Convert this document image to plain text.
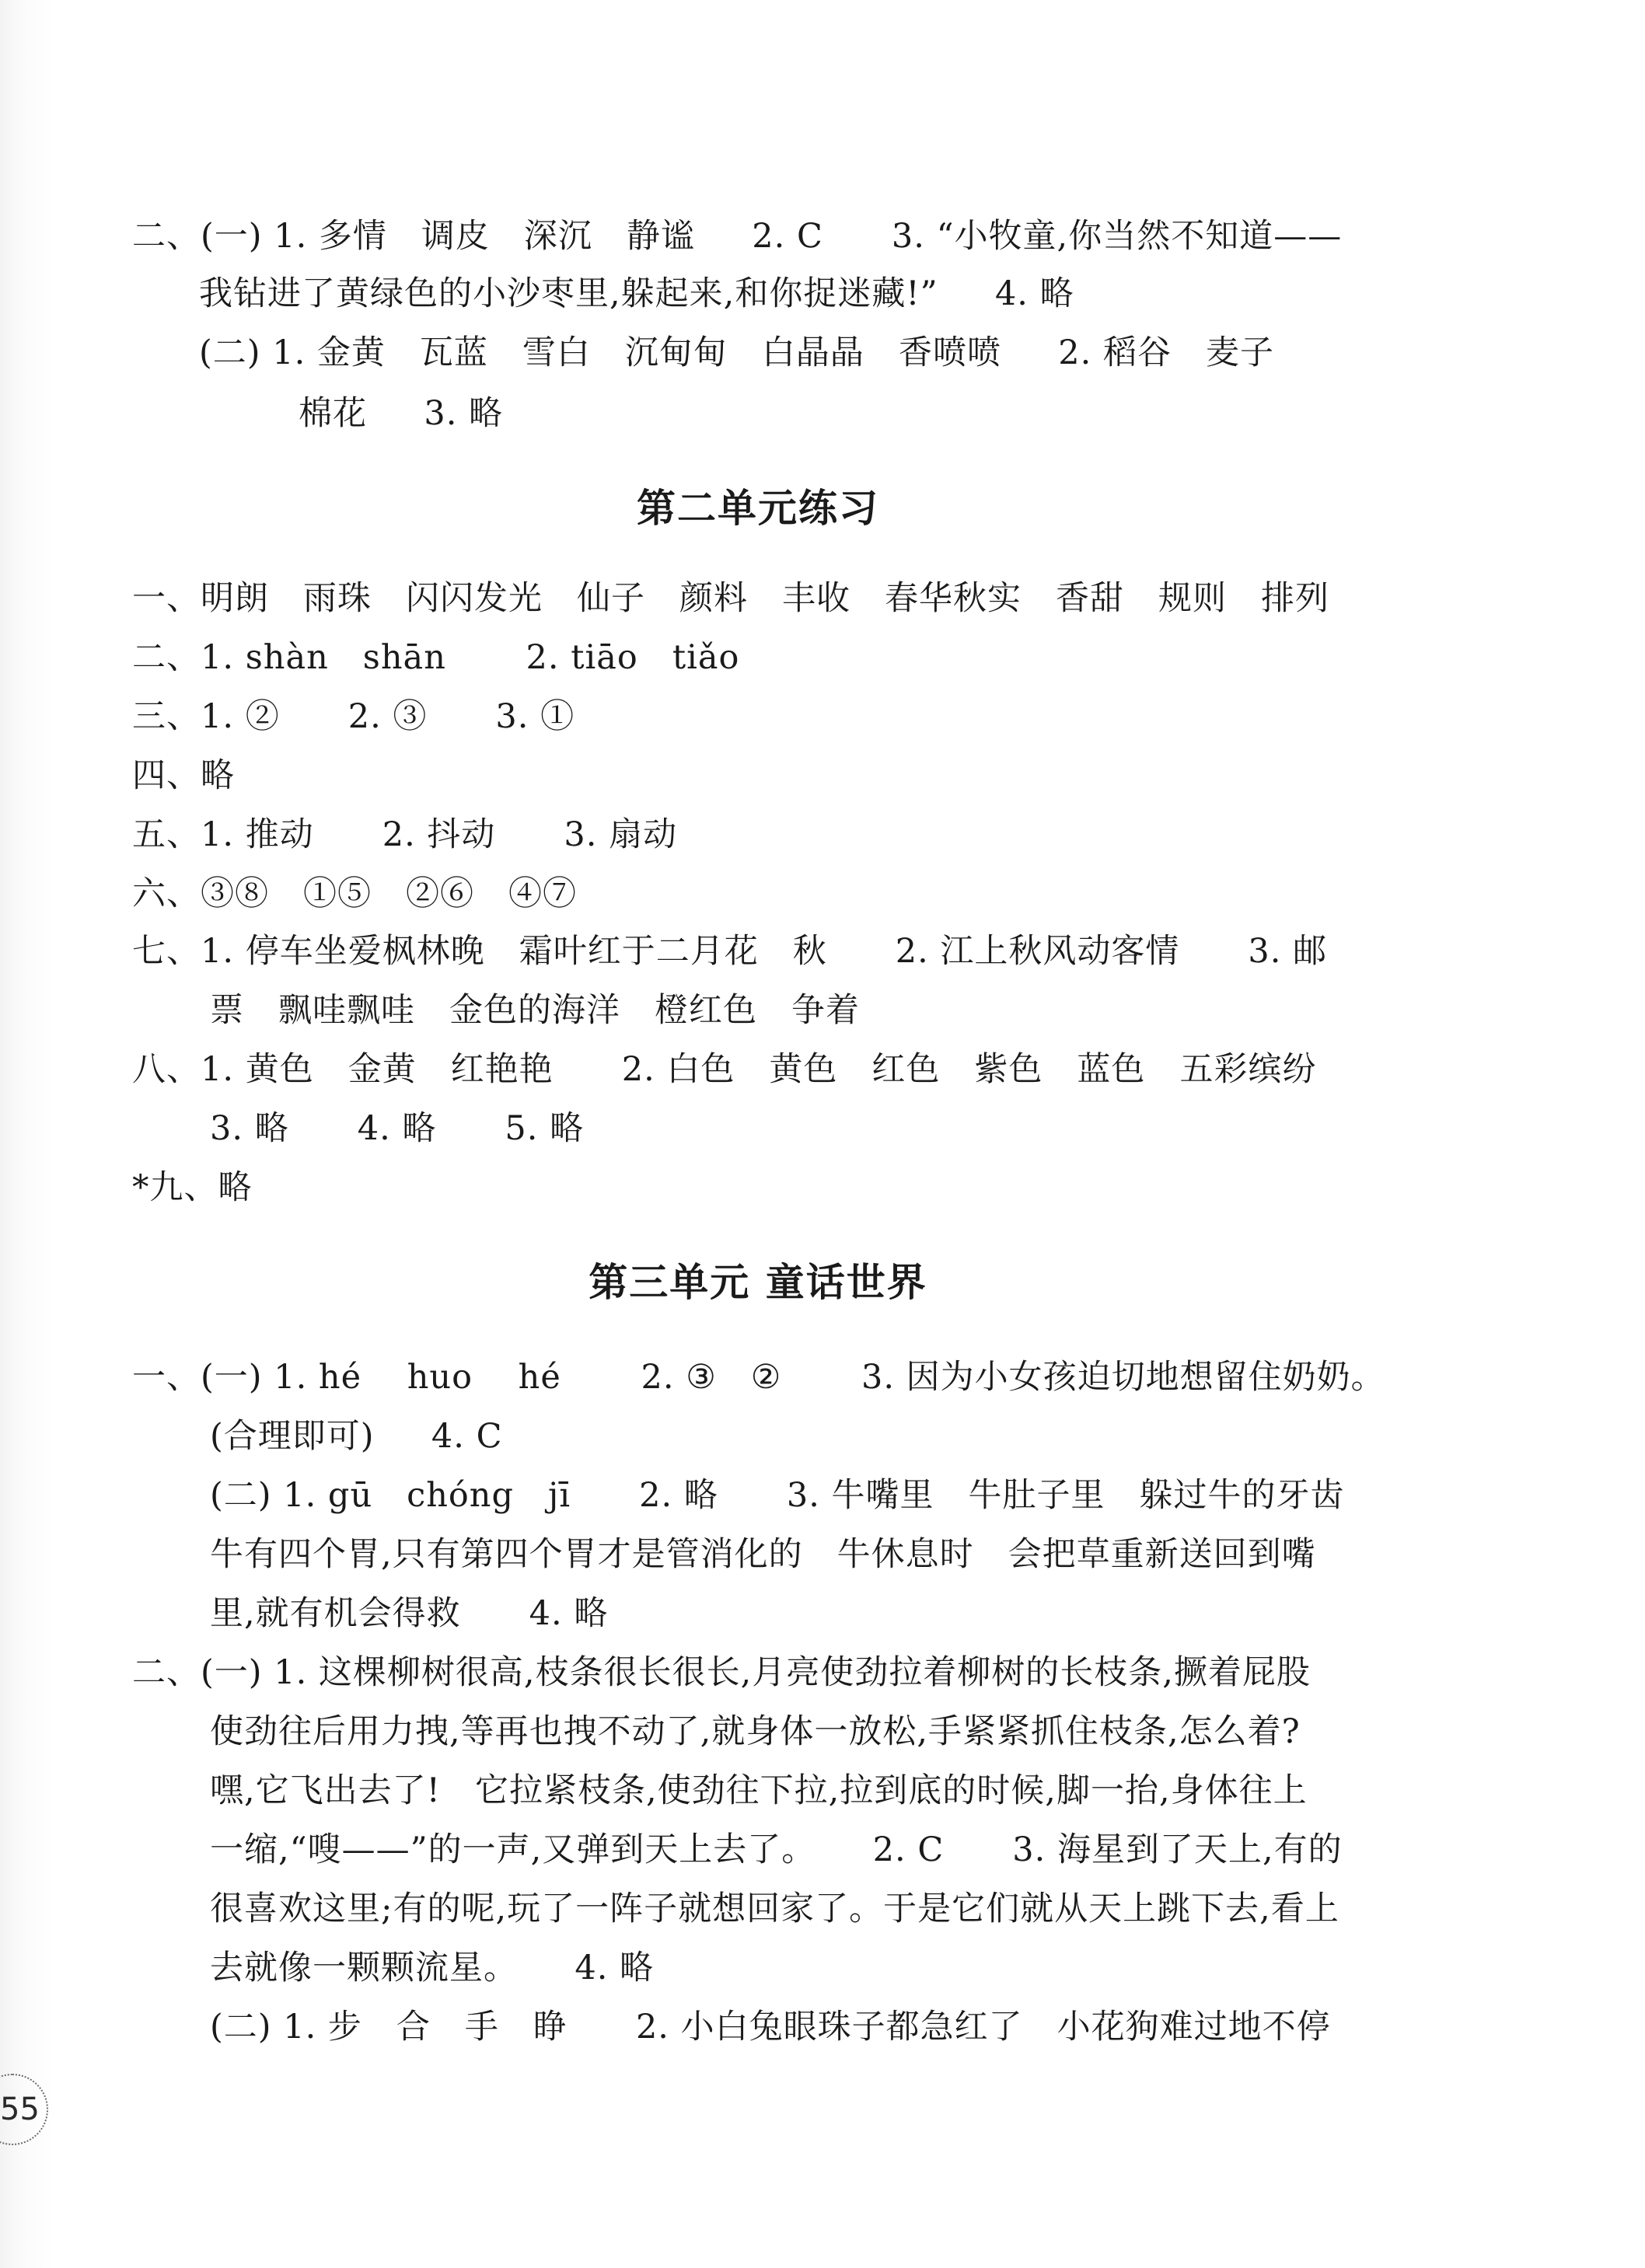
二、(一) 1. 多情   调皮   深沉   静谧     2. C      3. “小牧童,你当然不知道——
我钻进了黄绿色的小沙枣里,躲起来,和你捉迷藏!”     4. 略
(二) 1. 金黄   瓦蓝   雪白   沉甸甸   白晶晶   香喷喷     2. 稻谷   麦子
棉花     3. 略
第二单元练习
一、明朗   雨珠   闪闪发光   仙子   颜料   丰收   春华秋实   香甜   规则   排列
二、1. shàn   shān       2. tiāo   tiǎo
三、1. ②      2. ③      3. ①
四、略
五、1. 推动      2. 抖动      3. 扇动
六、③⑧   ①⑤   ②⑥   ④⑦
七、1. 停车坐爱枫林晚   霜叶红于二月花   秋      2. 江上秋风动客情      3. 邮
票   飘哇飘哇   金色的海洋   橙红色   争着
八、1. 黄色   金黄   红艳艳      2. 白色   黄色   红色   紫色   蓝色   五彩缤纷
3. 略      4. 略      5. 略
*九、略
第三单元 童话世界
一、(一) 1. hé    huo    hé       2. ③   ②       3. 因为小女孩迫切地想留住奶奶。
(合理即可)     4. C
(二) 1. gū   chóng   jī      2. 略      3. 牛嘴里   牛肚子里   躲过牛的牙齿
牛有四个胃,只有第四个胃才是管消化的   牛休息时   会把草重新送回到嘴
里,就有机会得救      4. 略
二、(一) 1. 这棵柳树很高,枝条很长很长,月亮使劲拉着柳树的长枝条,撅着屁股
使劲往后用力拽,等再也拽不动了,就身体一放松,手紧紧抓住枝条,怎么着?
嘿,它飞出去了!   它拉紧枝条,使劲往下拉,拉到底的时候,脚一抬,身体往上
一缩,“嗖——”的一声,又弹到天上去了。     2. C      3. 海星到了天上,有的
很喜欢这里;有的呢,玩了一阵子就想回家了。于是它们就从天上跳下去,看上
去就像一颗颗流星。     4. 略
(二) 1. 步   合   手   睁      2. 小白兔眼珠子都急红了   小花狗难过地不停
55
